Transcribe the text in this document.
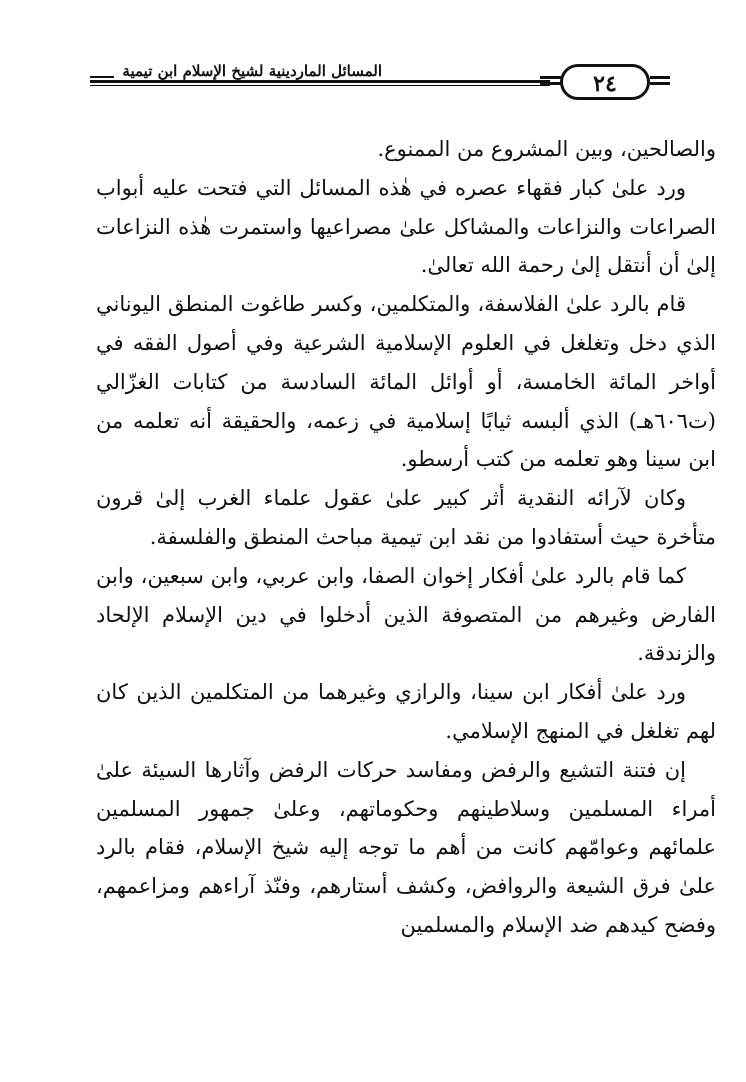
المسائل الماردينية لشيخ الإسلام ابن تيمية	٢٤

والصالحين، وبين المشروع من الممنوع.

ورد علىٰ كبار فقهاء عصره في هٰذه المسائل التي فتحت عليه أبواب الصراعات والنزاعات والمشاكل علىٰ مصراعيها واستمرت هٰذه النزاعات إلىٰ أن أنتقل إلىٰ رحمة الله تعالىٰ.

قام بالرد علىٰ الفلاسفة، والمتكلمين، وكسر طاغوت المنطق اليوناني الذي دخل وتغلغل في العلوم الإسلامية الشرعية وفي أصول الفقه في أواخر المائة الخامسة، أو أوائل المائة السادسة من كتابات الغزّالي (ت٦٠٦هـ) الذي ألبسه ثيابًا إسلامية في زعمه، والحقيقة أنه تعلمه من ابن سينا وهو تعلمه من كتب أرسطو.

وكان لآرائه النقدية أثر كبير علىٰ عقول علماء الغرب إلىٰ قرون متأخرة حيث أستفادوا من نقد ابن تيمية مباحث المنطق والفلسفة.

كما قام بالرد علىٰ أفكار إخوان الصفا، وابن عربي، وابن سبعين، وابن الفارض وغيرهم من المتصوفة الذين أدخلوا في دين الإسلام الإلحاد والزندقة.

ورد علىٰ أفكار ابن سينا، والرازي وغيرهما من المتكلمين الذين كان لهم تغلغل في المنهج الإسلامي.

إن فتنة التشيع والرفض ومفاسد حركات الرفض وآثارها السيئة علىٰ أمراء المسلمين وسلاطينهم وحكوماتهم، وعلىٰ جمهور المسلمين علمائهم وعوامّهم كانت من أهم ما توجه إليه شيخ الإسلام، فقام بالرد علىٰ فرق الشيعة والروافض، وكشف أستارهم، وفنّذ آراءهم ومزاعمهم، وفضح كيدهم ضد الإسلام والمسلمين
